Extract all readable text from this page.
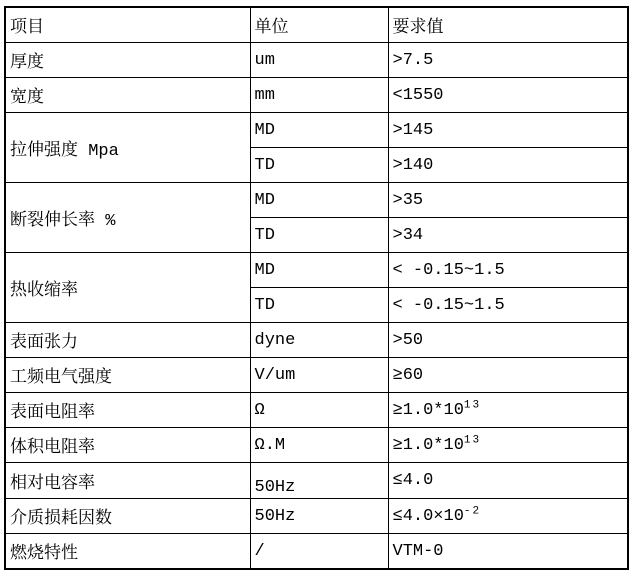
项目	单位	要求值
厚度	um	>7.5
宽度	mm	<1550
拉伸强度 Mpa	MD	>145
	TD	>140
断裂伸长率 %	MD	>35
	TD	>34
热收缩率	MD	< -0.15~1.5
	TD	< -0.15~1.5
表面张力	dyne	>50
工频电气强度	V/um	≥60
表面电阻率	Ω	$\ge 1.0*10^{13}$
体积电阻率	Ω.M	$\ge 1.0*10^{13}$
相对电容率	50Hz	≤4.0
介质损耗因数	50Hz	$\le 4.0\times 10^{-2}$
燃烧特性	/	VTM-0
